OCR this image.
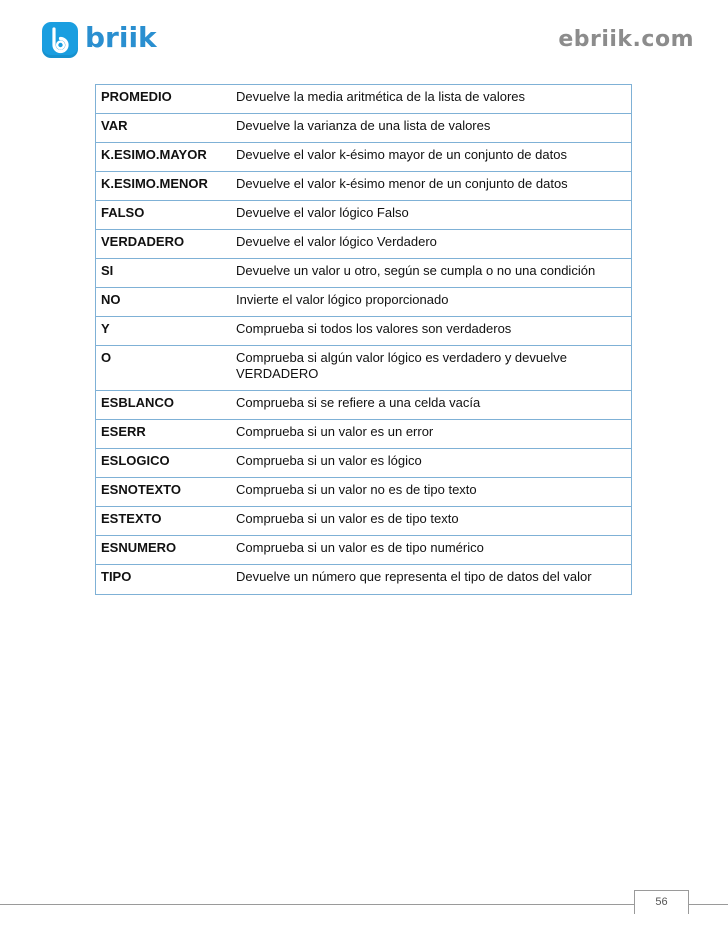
briik	ebriik.com
PROMEDIO	Devuelve la media aritmética de la lista de valores
VAR	Devuelve la varianza de una lista de valores
K.ESIMO.MAYOR	Devuelve el valor k-ésimo mayor de un conjunto de datos
K.ESIMO.MENOR	Devuelve el valor k-ésimo menor de un conjunto de datos
FALSO	Devuelve el valor lógico Falso
VERDADERO	Devuelve el valor lógico Verdadero
SI	Devuelve un valor u otro, según se cumpla o no una condición
NO	Invierte el valor lógico proporcionado
Y	Comprueba si todos los valores son verdaderos
O	Comprueba si algún valor lógico es verdadero y devuelve VERDADERO
ESBLANCO	Comprueba si se refiere a una celda vacía
ESERR	Comprueba si un valor es un error
ESLOGICO	Comprueba si un valor es lógico
ESNOTEXTO	Comprueba si un valor no es de tipo texto
ESTEXTO	Comprueba si un valor es de tipo texto
ESNUMERO	Comprueba si un valor es de tipo numérico
TIPO	Devuelve un número que representa el tipo de datos del valor
56
